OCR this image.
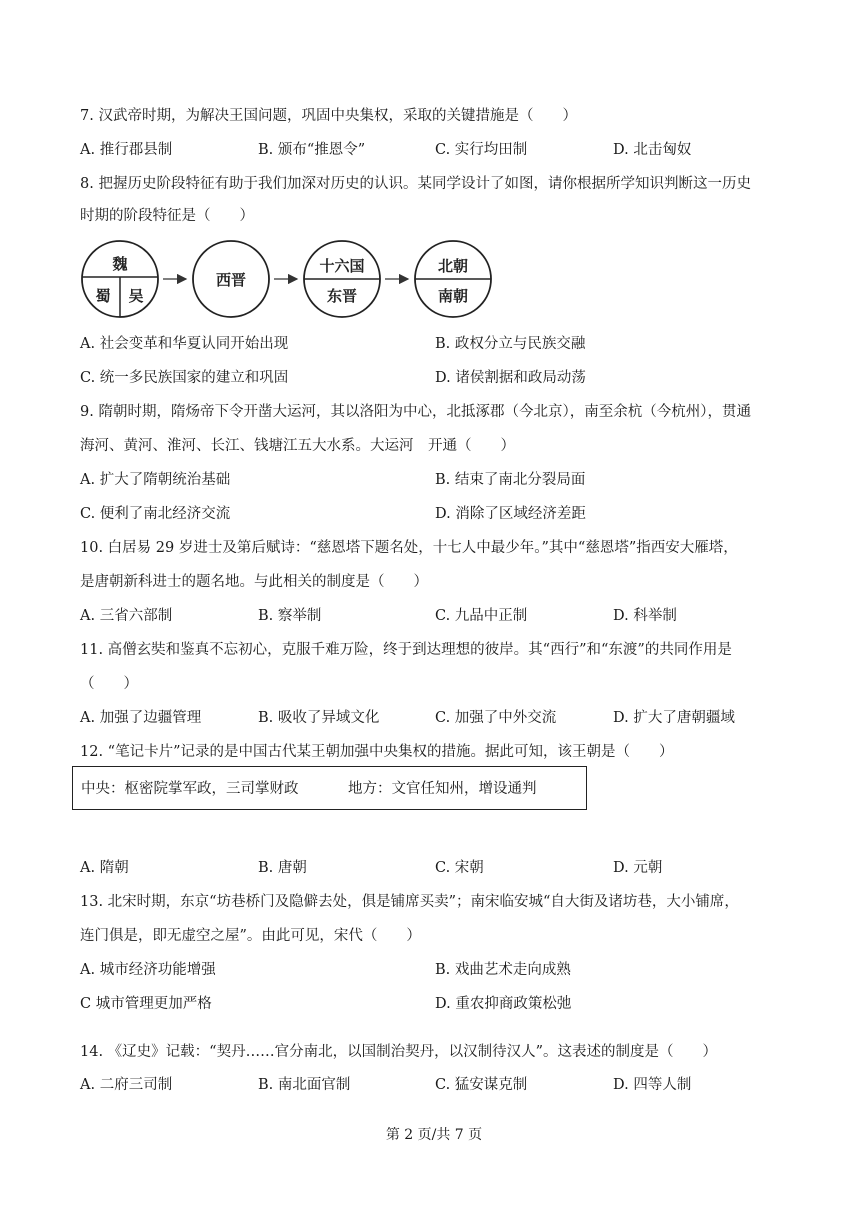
7. 汉武帝时期，为解决王国问题，巩固中央集权，采取的关键措施是（　　）
A. 推行郡县制	B. 颁布“推恩令”	C. 实行均田制	D. 北击匈奴
8. 把握历史阶段特征有助于我们加深对历史的认识。某同学设计了如图，请你根据所学知识判断这一历史
时期的阶段特征是（　　）
魏
蜀 吴
西晋
十六国
东晋
北朝
南朝
A. 社会变革和华夏认同开始出现	B. 政权分立与民族交融
C. 统一多民族国家的建立和巩固	D. 诸侯割据和政局动荡
9. 隋朝时期，隋炀帝下令开凿大运河，其以洛阳为中心，北抵涿郡（今北京），南至余杭（今杭州），贯通
海河、黄河、淮河、长江、钱塘江五大水系。大运河　开通（　　）
A. 扩大了隋朝统治基础	B. 结束了南北分裂局面
C. 便利了南北经济交流	D. 消除了区域经济差距
10. 白居易 29 岁进士及第后赋诗：“慈恩塔下题名处，十七人中最少年。”其中“慈恩塔”指西安大雁塔，
是唐朝新科进士的题名地。与此相关的制度是（　　）
A. 三省六部制	B. 察举制	C. 九品中正制	D. 科举制
11. 高僧玄奘和鉴真不忘初心，克服千难万险，终于到达理想的彼岸。其“西行”和“东渡”的共同作用是
（　　）
A. 加强了边疆管理	B. 吸收了异域文化	C. 加强了中外交流	D. 扩大了唐朝疆域
12. “笔记卡片”记录的是中国古代某王朝加强中央集权的措施。据此可知，该王朝是（　　）
中央：枢密院掌军政，三司掌财政	地方：文官任知州，增设通判
A. 隋朝	B. 唐朝	C. 宋朝	D. 元朝
13. 北宋时期，东京“坊巷桥门及隐僻去处，俱是铺席买卖”；南宋临安城“自大街及诸坊巷，大小铺席，
连门俱是，即无虚空之屋”。由此可见，宋代（　　）
A. 城市经济功能增强	B. 戏曲艺术走向成熟
C 城市管理更加严格	D. 重农抑商政策松弛
14. 《辽史》记载：“契丹……官分南北，以国制治契丹，以汉制待汉人”。这表述的制度是（　　）
A. 二府三司制	B. 南北面官制	C. 猛安谋克制	D. 四等人制
第 2 页/共 7 页
